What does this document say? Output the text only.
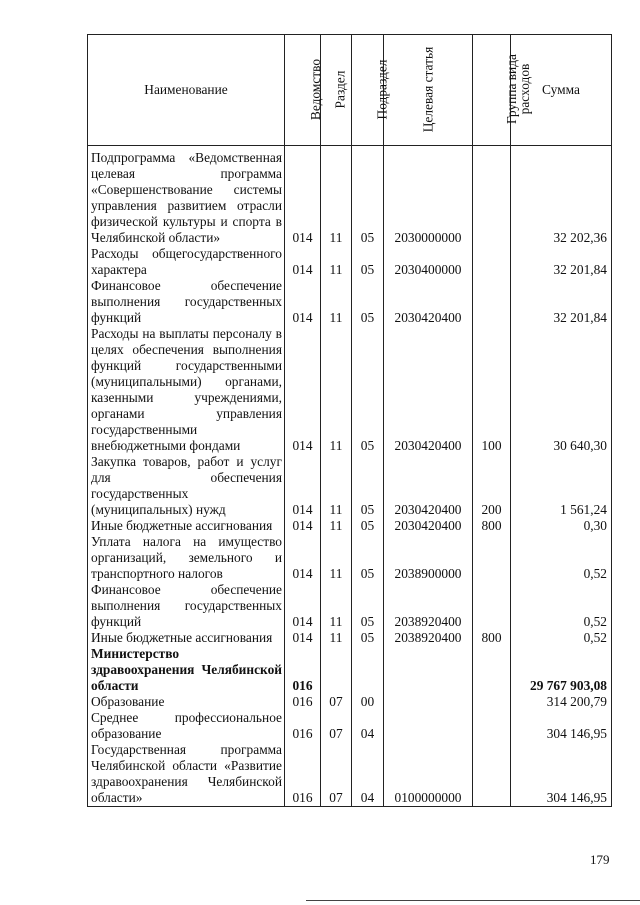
Наименование	Ведомство	Раздел	Подраздел	Целевая статья	Группа вида расходов	Сумма
Подпрограмма «Ведомственная целевая программа «Совершенствование системы управления развитием отрасли физической культуры и спорта в Челябинской области»	014	11	05	2030000000		32 202,36
Расходы общегосударственного характера	014	11	05	2030400000		32 201,84
Финансовое обеспечение выполнения государственных функций	014	11	05	2030420400		32 201,84
Расходы на выплаты персоналу в целях обеспечения выполнения функций государственными (муниципальными) органами, казенными учреждениями, органами управления государственными внебюджетными фондами	014	11	05	2030420400	100	30 640,30
Закупка товаров, работ и услуг для обеспечения государственных (муниципальных) нужд	014	11	05	2030420400	200	1 561,24
Иные бюджетные ассигнования	014	11	05	2030420400	800	0,30
Уплата налога на имущество организаций, земельного и транспортного налогов	014	11	05	2038900000		0,52
Финансовое обеспечение выполнения государственных функций	014	11	05	2038920400		0,52
Иные бюджетные ассигнования	014	11	05	2038920400	800	0,52
Министерство здравоохранения Челябинской области	016					29 767 903,08
Образование	016	07	00			314 200,79
Среднее профессиональное образование	016	07	04			304 146,95
Государственная программа Челябинской области «Развитие здравоохранения Челябинской области»	016	07	04	0100000000		304 146,95
179
